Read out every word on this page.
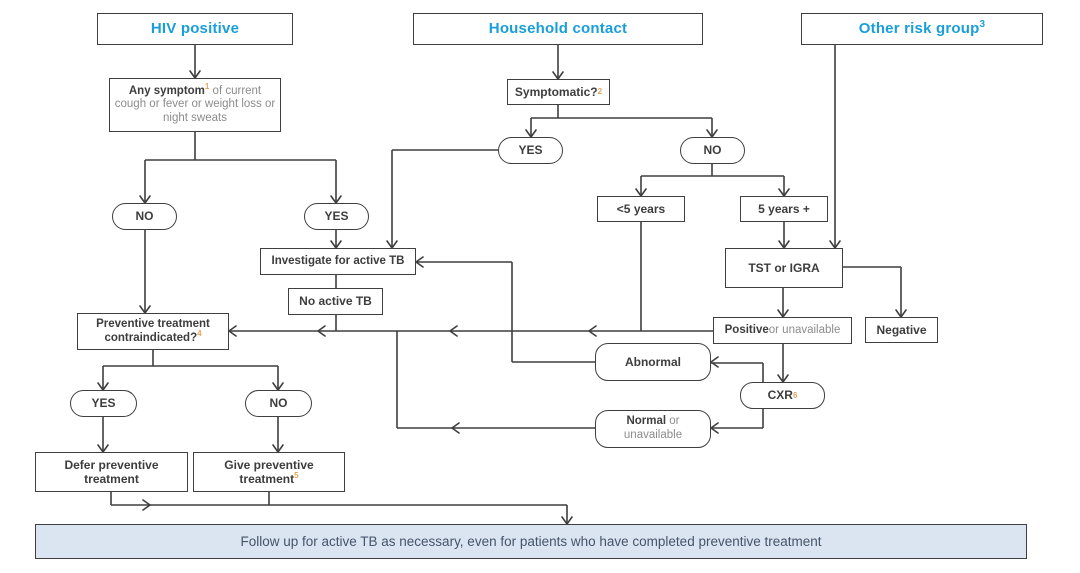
HIV positive	Household contact	Other risk group$^3$
Any symptom$^1$ of current cough or fever or weight loss or night sweats
NO	YES
Symptomatic? 2
YES	NO
<5 years	5 years +
TST or IGRA
Positive or unavailable	Negative
Investigate for active TB
No active TB
Abnormal
CXR 6
Normal or unavailable
Preventive treatment contraindicated?$^4$
YES	NO
Defer preventive treatment
Give preventive treatment$^5$
Follow up for active TB as necessary, even for patients who have completed preventive treatment
